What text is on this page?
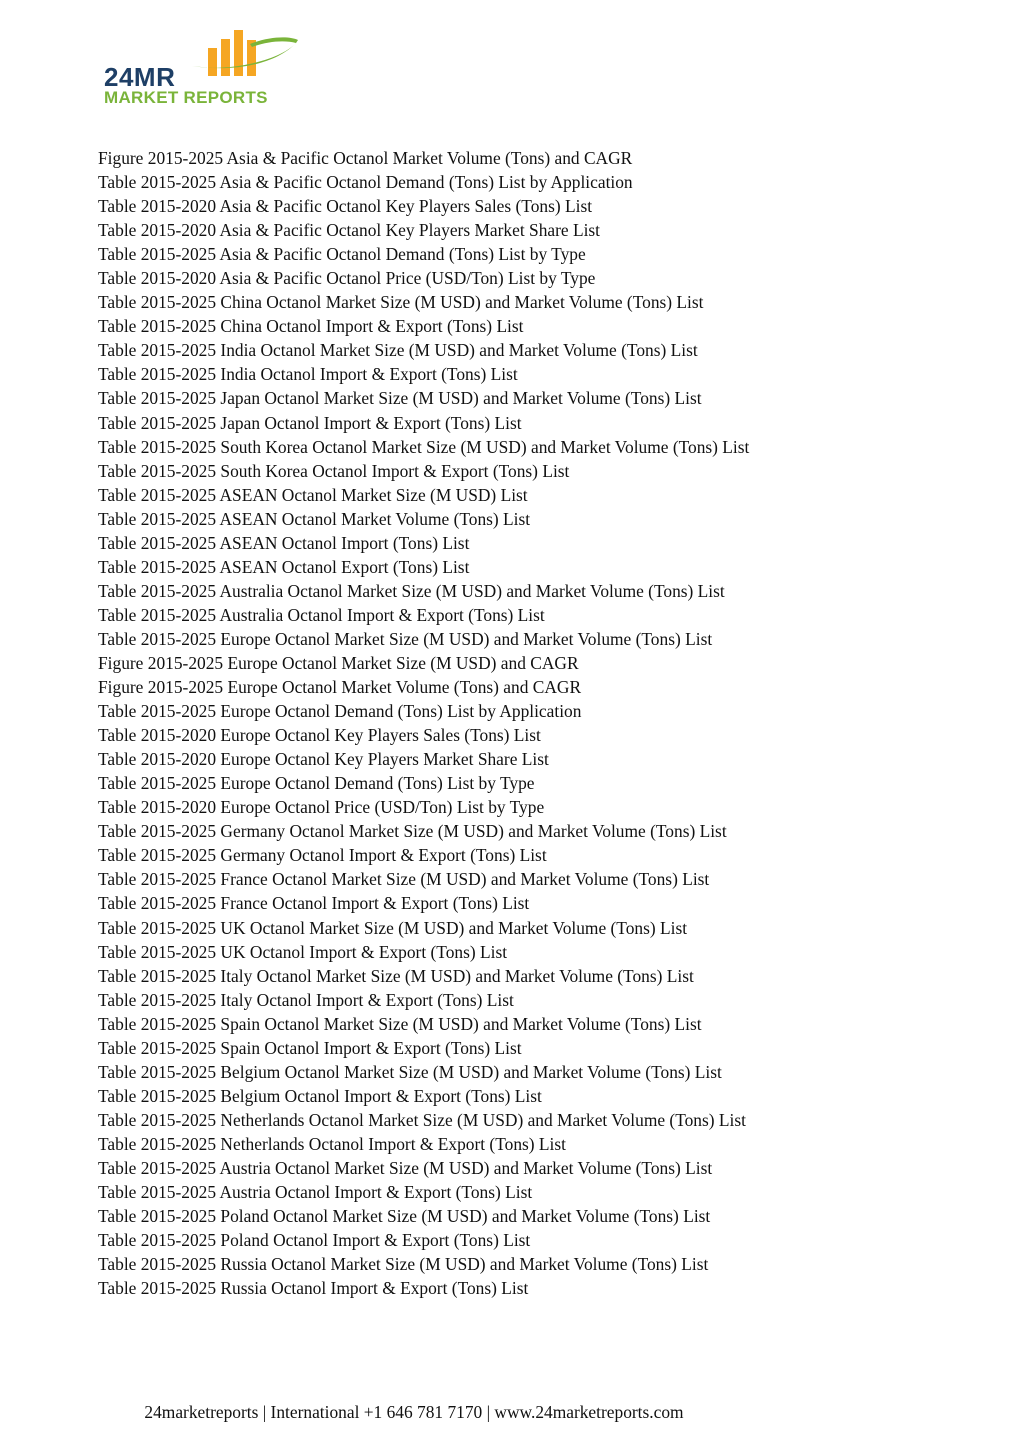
24MR
MARKET REPORTS
Figure 2015-2025 Asia & Pacific Octanol Market Volume (Tons) and CAGR
Table 2015-2025 Asia & Pacific Octanol Demand (Tons) List by Application
Table 2015-2020 Asia & Pacific Octanol Key Players Sales (Tons) List
Table 2015-2020 Asia & Pacific Octanol Key Players Market Share List
Table 2015-2025 Asia & Pacific Octanol Demand (Tons) List by Type
Table 2015-2020 Asia & Pacific Octanol Price (USD/Ton) List by Type
Table 2015-2025 China Octanol Market Size (M USD) and Market Volume (Tons) List
Table 2015-2025 China Octanol Import & Export (Tons) List
Table 2015-2025 India Octanol Market Size (M USD) and Market Volume (Tons) List
Table 2015-2025 India Octanol Import & Export (Tons) List
Table 2015-2025 Japan Octanol Market Size (M USD) and Market Volume (Tons) List
Table 2015-2025 Japan Octanol Import & Export (Tons) List
Table 2015-2025 South Korea Octanol Market Size (M USD) and Market Volume (Tons) List
Table 2015-2025 South Korea Octanol Import & Export (Tons) List
Table 2015-2025 ASEAN Octanol Market Size (M USD) List
Table 2015-2025 ASEAN Octanol Market Volume (Tons) List
Table 2015-2025 ASEAN Octanol Import (Tons) List
Table 2015-2025 ASEAN Octanol Export (Tons) List
Table 2015-2025 Australia Octanol Market Size (M USD) and Market Volume (Tons) List
Table 2015-2025 Australia Octanol Import & Export (Tons) List
Table 2015-2025 Europe Octanol Market Size (M USD) and Market Volume (Tons) List
Figure 2015-2025 Europe Octanol Market Size (M USD) and CAGR
Figure 2015-2025 Europe Octanol Market Volume (Tons) and CAGR
Table 2015-2025 Europe Octanol Demand (Tons) List by Application
Table 2015-2020 Europe Octanol Key Players Sales (Tons) List
Table 2015-2020 Europe Octanol Key Players Market Share List
Table 2015-2025 Europe Octanol Demand (Tons) List by Type
Table 2015-2020 Europe Octanol Price (USD/Ton) List by Type
Table 2015-2025 Germany Octanol Market Size (M USD) and Market Volume (Tons) List
Table 2015-2025 Germany Octanol Import & Export (Tons) List
Table 2015-2025 France Octanol Market Size (M USD) and Market Volume (Tons) List
Table 2015-2025 France Octanol Import & Export (Tons) List
Table 2015-2025 UK Octanol Market Size (M USD) and Market Volume (Tons) List
Table 2015-2025 UK Octanol Import & Export (Tons) List
Table 2015-2025 Italy Octanol Market Size (M USD) and Market Volume (Tons) List
Table 2015-2025 Italy Octanol Import & Export (Tons) List
Table 2015-2025 Spain Octanol Market Size (M USD) and Market Volume (Tons) List
Table 2015-2025 Spain Octanol Import & Export (Tons) List
Table 2015-2025 Belgium Octanol Market Size (M USD) and Market Volume (Tons) List
Table 2015-2025 Belgium Octanol Import & Export (Tons) List
Table 2015-2025 Netherlands Octanol Market Size (M USD) and Market Volume (Tons) List
Table 2015-2025 Netherlands Octanol Import & Export (Tons) List
Table 2015-2025 Austria Octanol Market Size (M USD) and Market Volume (Tons) List
Table 2015-2025 Austria Octanol Import & Export (Tons) List
Table 2015-2025 Poland Octanol Market Size (M USD) and Market Volume (Tons) List
Table 2015-2025 Poland Octanol Import & Export (Tons) List
Table 2015-2025 Russia Octanol Market Size (M USD) and Market Volume (Tons) List
Table 2015-2025 Russia Octanol Import & Export (Tons) List
24marketreports | International +1 646 781 7170 | www.24marketreports.com
